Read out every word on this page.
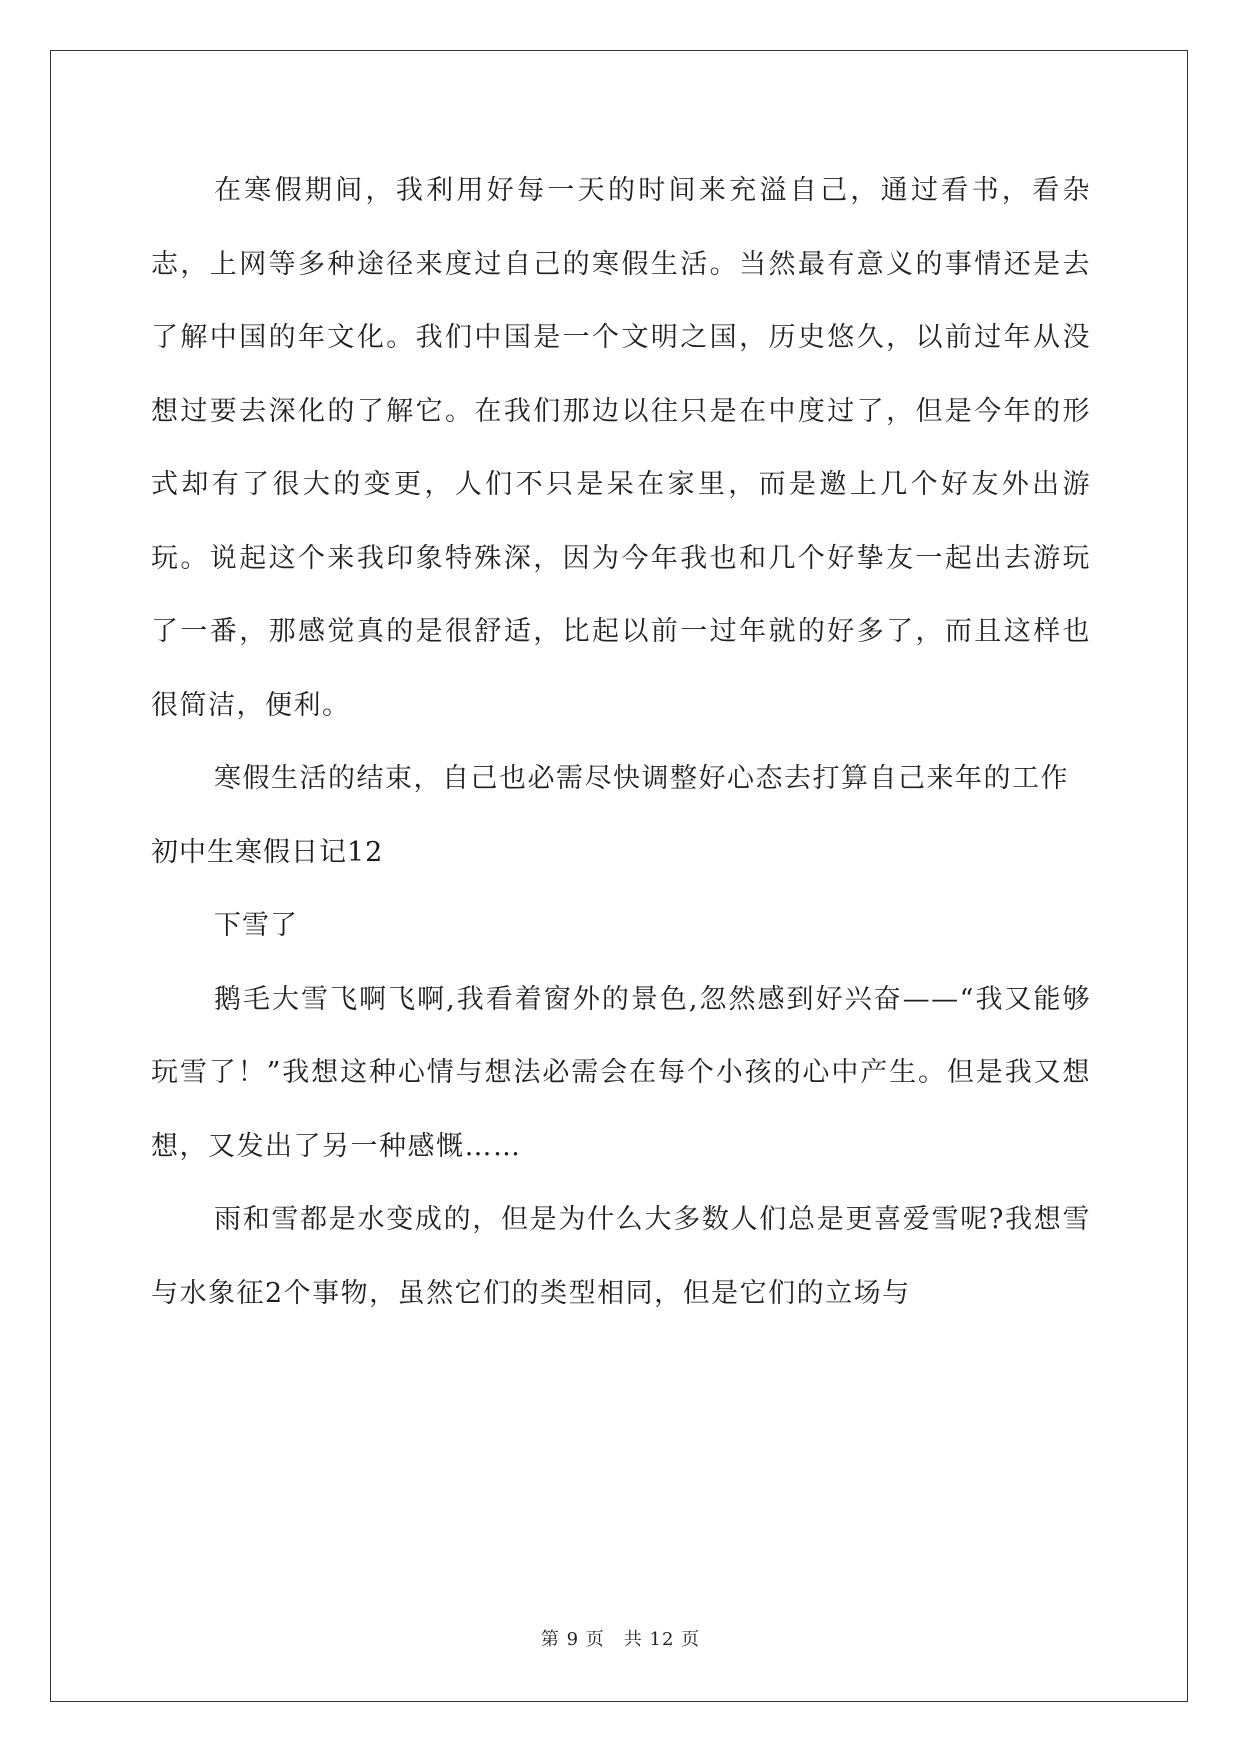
在寒假期间，我利用好每一天的时间来充溢自己，通过看书，看杂志，上网等多种途径来度过自己的寒假生活。当然最有意义的事情还是去了解中国的年文化。我们中国是一个文明之国，历史悠久，以前过年从没想过要去深化的了解它。在我们那边以往只是在中度过了，但是今年的形式却有了很大的变更，人们不只是呆在家里，而是邀上几个好友外出游玩。说起这个来我印象特殊深，因为今年我也和几个好挚友一起出去游玩了一番，那感觉真的是很舒适，比起以前一过年就的好多了，而且这样也很简洁，便利。

寒假生活的结束，自己也必需尽快调整好心态去打算自己来年的工作

初中生寒假日记12

下雪了

鹅毛大雪飞啊飞啊,我看着窗外的景色,忽然感到好兴奋——“我又能够玩雪了！”我想这种心情与想法必需会在每个小孩的心中产生。但是我又想想，又发出了另一种感慨……

雨和雪都是水变成的，但是为什么大多数人们总是更喜爱雪呢?我想雪与水象征2个事物，虽然它们的类型相同，但是它们的立场与

第 9 页　共 12 页
